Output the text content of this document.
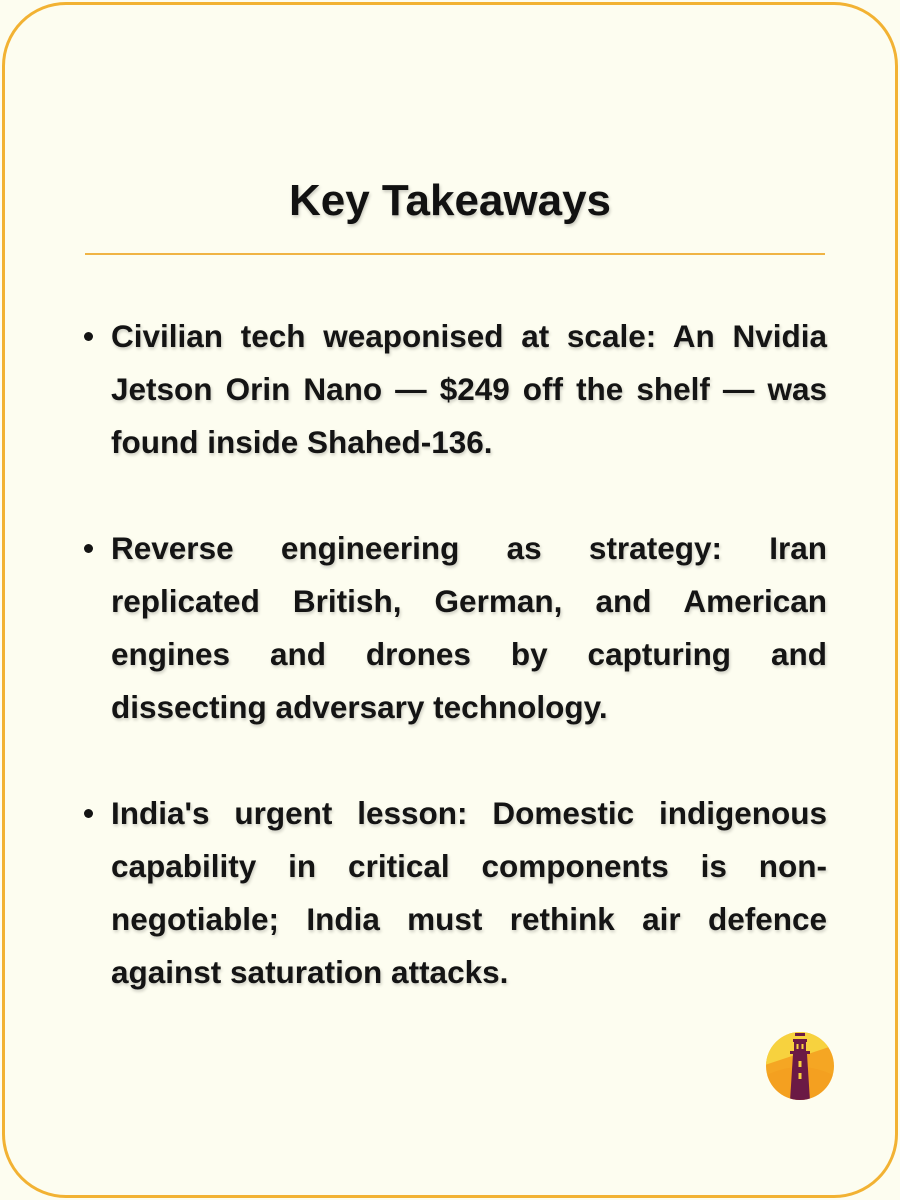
Key Takeaways
Civilian tech weaponised at scale: An Nvidia Jetson Orin Nano — $249 off the shelf — was found inside Shahed-136.
Reverse engineering as strategy: Iran replicated British, German, and American engines and drones by capturing and dissecting adversary technology.
India's urgent lesson: Domestic indigenous capability in critical components is non-negotiable; India must rethink air defence against saturation attacks.
